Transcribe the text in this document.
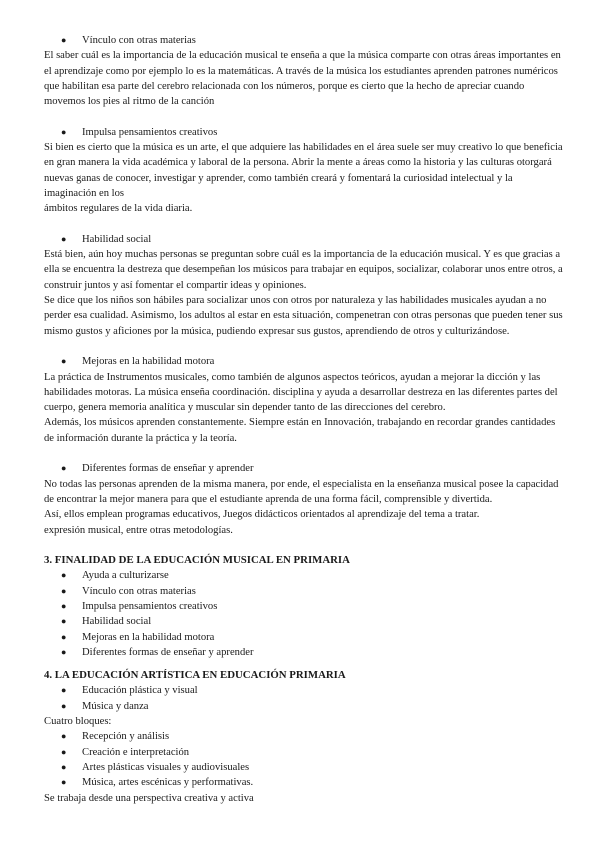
● Vínculo con otras materias

El saber cuál es la importancia de la educación musical te enseña a que la música comparte con otras áreas importantes en el aprendizaje como por ejemplo lo es la matemáticas. A través de la música los estudiantes aprenden patrones numéricos que habilitan esa parte del cerebro relacionada con los números, porque es cierto que la hecho de apreciar cuando movemos los pies al ritmo de la canción

● Impulsa pensamientos creativos

Si bien es cierto que la música es un arte, el que adquiere las habilidades en el área suele ser muy creativo lo que beneficia en gran manera la vida académica y laboral de la persona. Abrir la mente a áreas como la historia y las culturas otorgará nuevas ganas de conocer, investigar y aprender, como también creará y fomentará la curiosidad intelectual y la imaginación en los

ámbitos regulares de la vida diaria.

● Habilidad social

Está bien, aún hoy muchas personas se preguntan sobre cuál es la importancia de la educación musical. Y es que gracias a ella se encuentra la destreza que desempeñan los músicos para trabajar en equipos, socializar, colaborar unos entre otros, a construir juntos y así fomentar el compartir ideas y opiniones.

Se dice que los niños son hábiles para socializar unos con otros por naturaleza y las habilidades musicales ayudan a no perder esa cualidad. Asimismo, los adultos al estar en esta situación, compenetran con otras personas que pueden tener sus mismo gustos y aficiones por la música, pudiendo expresar sus gustos, aprendiendo de otros y culturizándose.

● Mejoras en la habilidad motora

La práctica de Instrumentos musicales, como también de algunos aspectos teóricos, ayudan a mejorar la dicción y las habilidades motoras. La música enseña coordinación. disciplina y ayuda a desarrollar destreza en las diferentes partes del cuerpo, genera memoria analítica y muscular sin depender tanto de las direcciones del cerebro.

Además, los músicos aprenden constantemente. Siempre están en Innovación, trabajando en recordar grandes cantidades de información durante la práctica y la teoría.

● Diferentes formas de enseñar y aprender

No todas las personas aprenden de la misma manera, por ende, el especialista en la enseñanza musical posee la capacidad de encontrar la mejor manera para que el estudiante aprenda de una forma fácil, comprensible y divertida.

Así, ellos emplean programas educativos, Juegos didácticos orientados al aprendizaje del tema a tratar.

expresión musical, entre otras metodologías.

3. FINALIDAD DE LA EDUCACIÓN MUSICAL EN PRIMARIA

● Ayuda a culturizarse

● Vínculo con otras materias

● Impulsa pensamientos creativos

● Habilidad social

● Mejoras en la habilidad motora

● Diferentes formas de enseñar y aprender

4. LA EDUCACIÓN ARTÍSTICA EN EDUCACIÓN PRIMARIA

● Educación plástica y visual

● Música y danza

Cuatro bloques:

● Recepción y análisis

● Creación e interpretación

● Artes plásticas visuales y audiovisuales

● Música, artes escénicas y performativas.

Se trabaja desde una perspectiva creativa y activa
